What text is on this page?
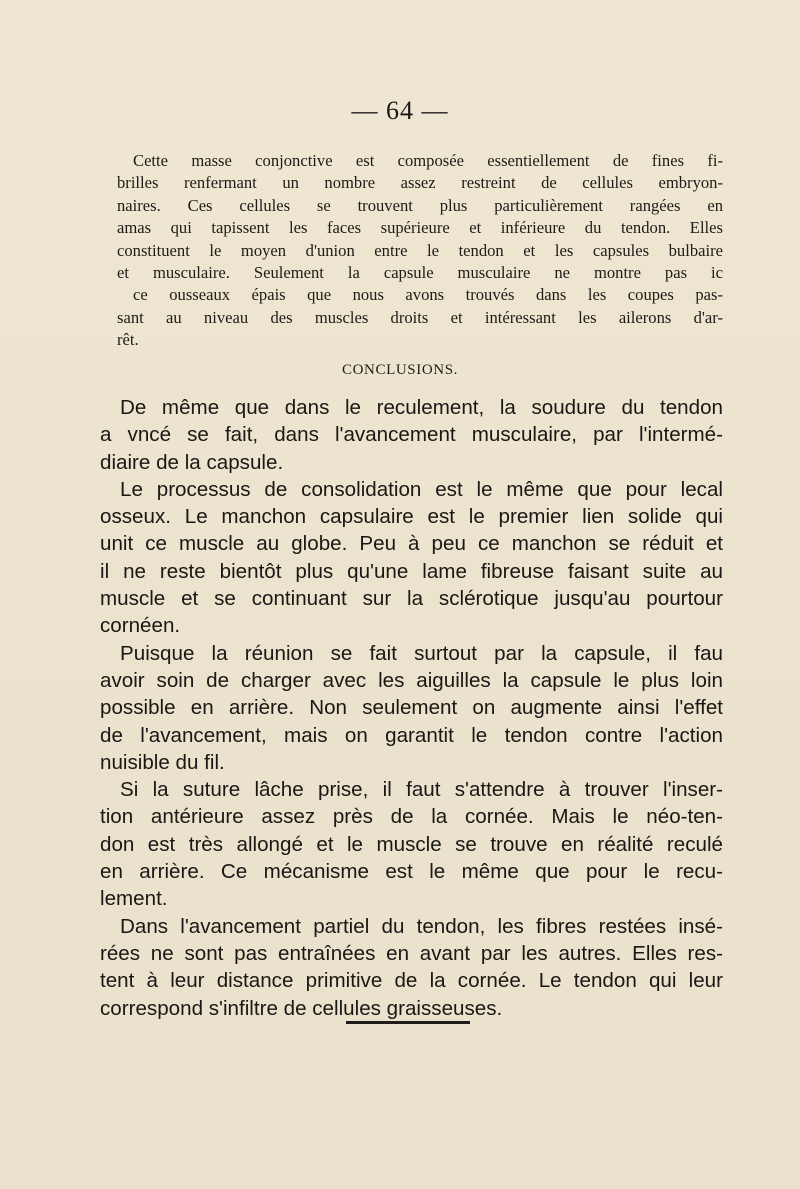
— 64 —
Cette masse conjonctive est composée essentiellement de fines fi-
brilles renfermant un nombre assez restreint de cellules embryon-
naires. Ces cellules se trouvent plus particulièrement rangées en
amas qui tapissent les faces supérieure et inférieure du tendon. Elles
constituent le moyen d'union entre le tendon et les capsules bulbaire
et musculaire. Seulement la capsule musculaire ne montre pas ic
ce ousseaux épais que nous avons trouvés dans les coupes pas-
sant au niveau des muscles droits et intéressant les ailerons d'ar-
rêt.
CONCLUSIONS.
De même que dans le reculement, la soudure du tendon
a vncé se fait, dans l'avancement musculaire, par l'intermé-
diaire de la capsule.
Le processus de consolidation est le même que pour lecal
osseux. Le manchon capsulaire est le premier lien solide qui
unit ce muscle au globe. Peu à peu ce manchon se réduit et
il ne reste bientôt plus qu'une lame fibreuse faisant suite au
muscle et se continuant sur la sclérotique jusqu'au pourtour
cornéen.
Puisque la réunion se fait surtout par la capsule, il fau
avoir soin de charger avec les aiguilles la capsule le plus loin
possible en arrière. Non seulement on augmente ainsi l'effet
de l'avancement, mais on garantit le tendon contre l'action
nuisible du fil.
Si la suture lâche prise, il faut s'attendre à trouver l'inser-
tion antérieure assez près de la cornée. Mais le néo-ten-
don est très allongé et le muscle se trouve en réalité reculé
en arrière. Ce mécanisme est le même que pour le recu-
lement.
Dans l'avancement partiel du tendon, les fibres restées insé-
rées ne sont pas entraînées en avant par les autres. Elles res-
tent à leur distance primitive de la cornée. Le tendon qui leur
correspond s'infiltre de cellules graisseuses.
